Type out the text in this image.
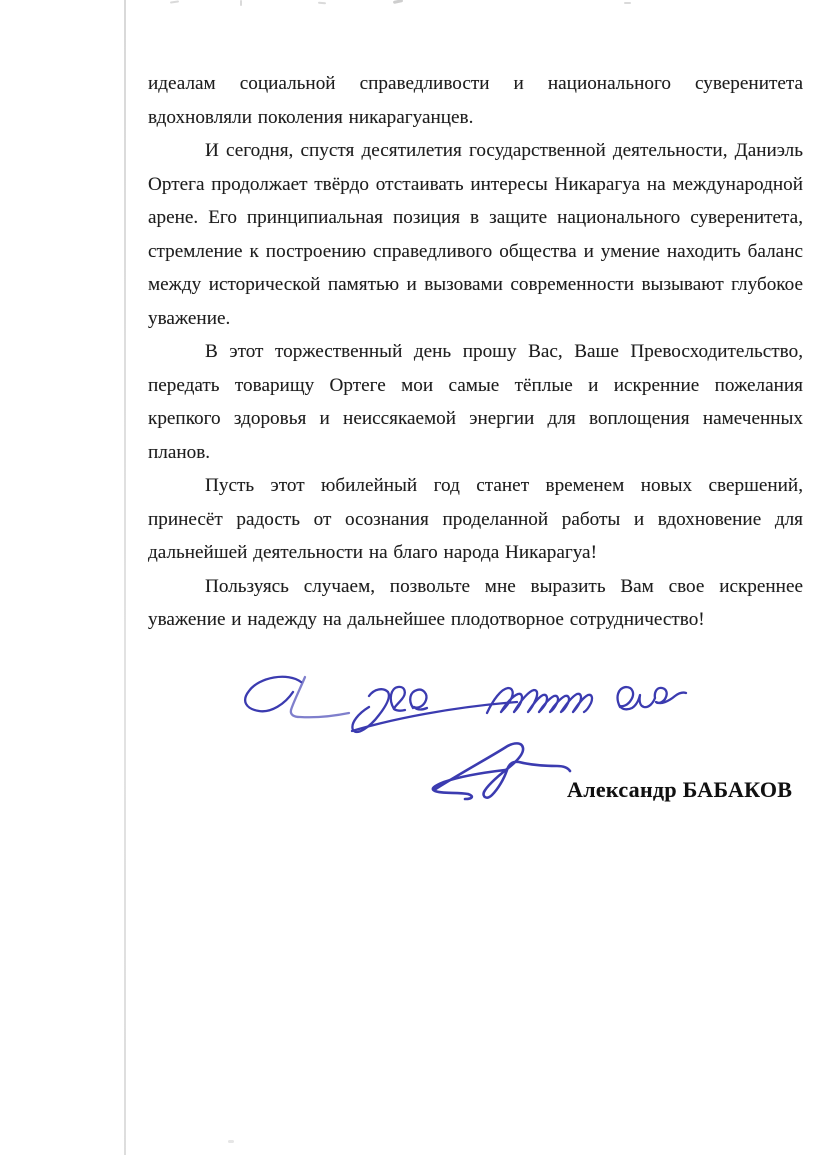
идеалам социальной справедливости и национального суверенитета вдохновляли поколения никарагуанцев.

И сегодня, спустя десятилетия государственной деятельности, Даниэль Ортега продолжает твёрдо отстаивать интересы Никарагуа на международной арене. Его принципиальная позиция в защите национального суверенитета, стремление к построению справедливого общества и умение находить баланс между исторической памятью и вызовами современности вызывают глубокое уважение.

В этот торжественный день прошу Вас, Ваше Превосходительство, передать товарищу Ортеге мои самые тёплые и искренние пожелания крепкого здоровья и неиссякаемой энергии для воплощения намеченных планов.

Пусть этот юбилейный год станет временем новых свершений, принесёт радость от осознания проделанной работы и вдохновение для дальнейшей деятельности на благо народа Никарагуа!

Пользуясь случаем, позвольте мне выразить Вам свое искреннее уважение и надежду на дальнейшее плодотворное сотрудничество!

Александр БАБАКОВ
